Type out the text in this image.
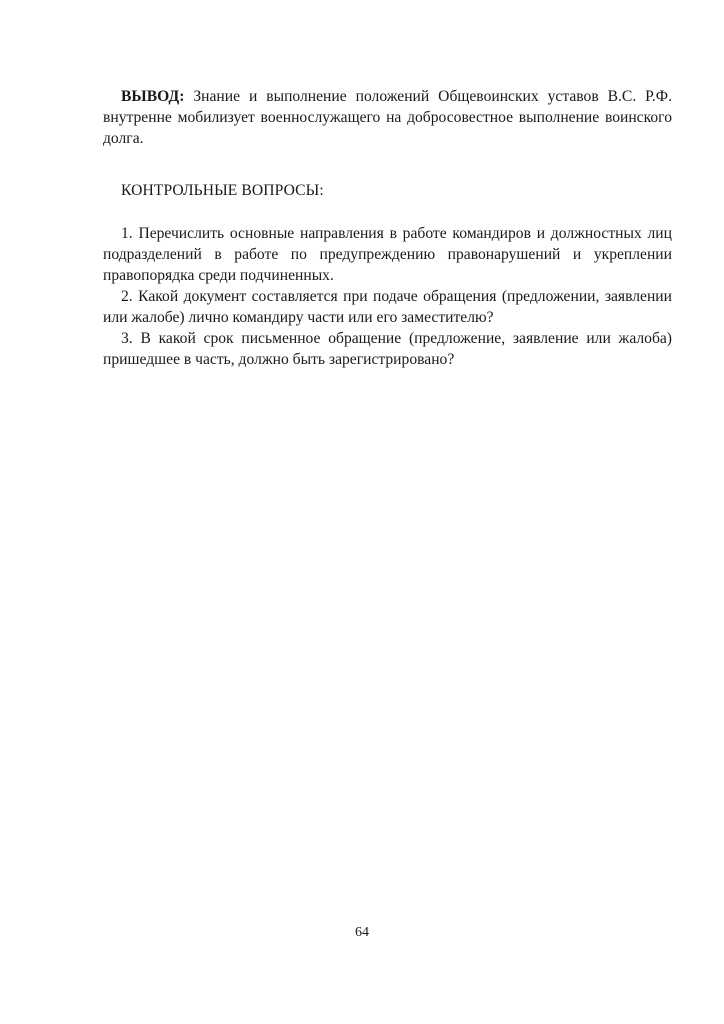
ВЫВОД: Знание и выполнение положений Общевоинских уставов В.С. Р.Ф. внутренне мобилизует военнослужащего на добросовестное выполнение воинского долга.
КОНТРОЛЬНЫЕ ВОПРОСЫ:

1. Перечислить основные направления в работе командиров и должностных лиц подразделений в работе по предупреждению правонарушений и укреплении правопорядка среди подчиненных.

2. Какой документ составляется при подаче обращения (предложении, заявлении или жалобе) лично командиру части или его заместителю?

3. В какой срок письменное обращение (предложение, заявление или жалоба) пришедшее в часть, должно быть зарегистрировано?

64
